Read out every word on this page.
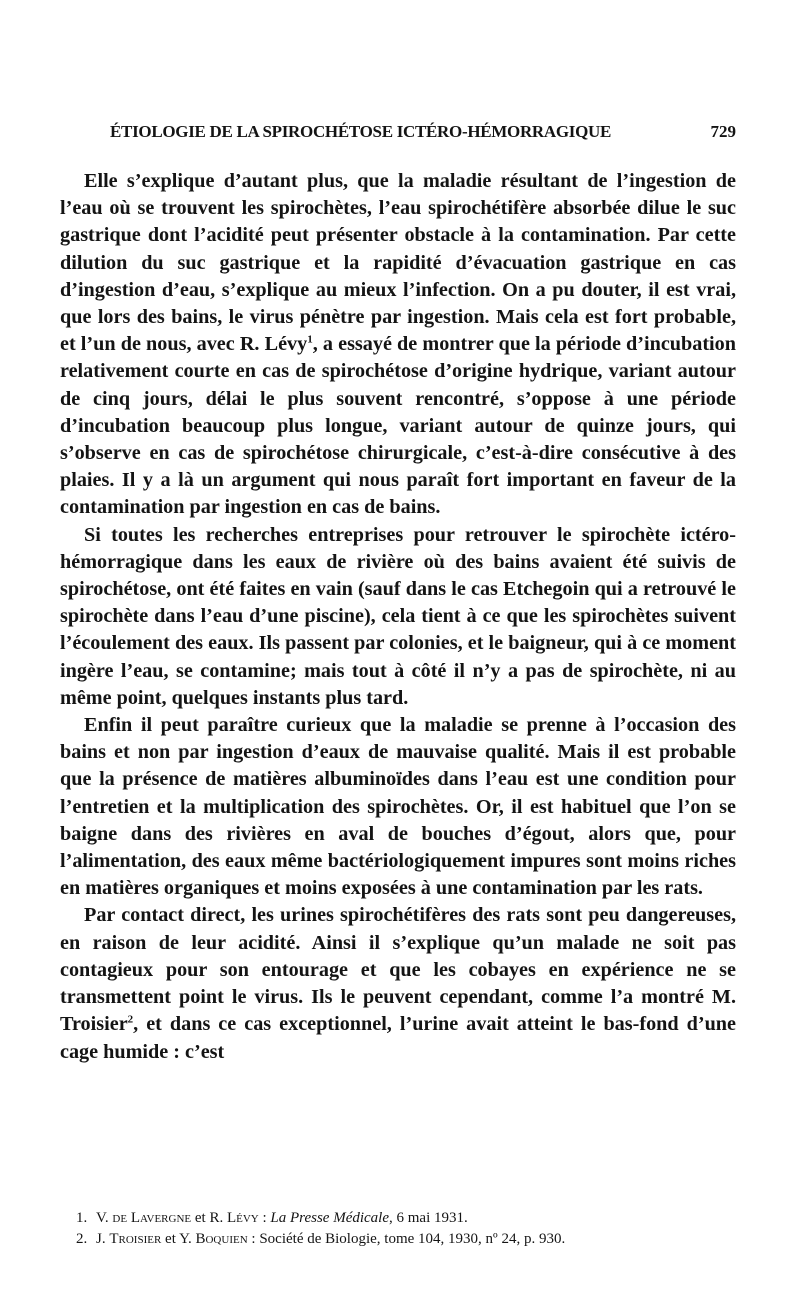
ÉTIOLOGIE DE LA SPIROCHÉTOSE ICTÉRO-HÉMORRAGIQUE	729

Elle s’explique d’autant plus, que la maladie résultant de l’ingestion de l’eau où se trouvent les spirochètes, l’eau spirochétifère absorbée dilue le suc gastrique dont l’acidité peut présenter obstacle à la contamination. Par cette dilution du suc gastrique et la rapidité d’évacuation gastrique en cas d’ingestion d’eau, s’explique au mieux l’infection. On a pu douter, il est vrai, que lors des bains, le virus pénètre par ingestion. Mais cela est fort probable, et l’un de nous, avec R. Lévy$^1$, a essayé de montrer que la période d’incubation relativement courte en cas de spirochétose d’origine hydrique, variant autour de cinq jours, délai le plus souvent rencontré, s’oppose à une période d’incubation beaucoup plus longue, variant autour de quinze jours, qui s’observe en cas de spirochétose chirurgicale, c’est-à-dire consécutive à des plaies. Il y a là un argument qui nous paraît fort important en faveur de la contamination par ingestion en cas de bains.

Si toutes les recherches entreprises pour retrouver le spirochète ictéro-hémorragique dans les eaux de rivière où des bains avaient été suivis de spirochétose, ont été faites en vain (sauf dans le cas Etchegoin qui a retrouvé le spirochète dans l’eau d’une piscine), cela tient à ce que les spirochètes suivent l’écoulement des eaux. Ils passent par colonies, et le baigneur, qui à ce moment ingère l’eau, se contamine; mais tout à côté il n’y a pas de spirochète, ni au même point, quelques instants plus tard.

Enfin il peut paraître curieux que la maladie se prenne à l’occasion des bains et non par ingestion d’eaux de mauvaise qualité. Mais il est probable que la présence de matières albuminoïdes dans l’eau est une condition pour l’entretien et la multiplication des spirochètes. Or, il est habituel que l’on se baigne dans des rivières en aval de bouches d’égout, alors que, pour l’alimentation, des eaux même bactériologiquement impures sont moins riches en matières organiques et moins exposées à une contamination par les rats.

Par contact direct, les urines spirochétifères des rats sont peu dangereuses, en raison de leur acidité. Ainsi il s’explique qu’un malade ne soit pas contagieux pour son entourage et que les cobayes en expérience ne se transmettent point le virus. Ils le peuvent cependant, comme l’a montré M. Troisier$^2$, et dans ce cas exceptionnel, l’urine avait atteint le bas-fond d’une cage humide : c’est

1. V. de Lavergne et R. Lévy : La Presse Médicale, 6 mai 1931.
2. J. Troisier et Y. Boquien : Société de Biologie, tome 104, 1930, nº 24, p. 930.
